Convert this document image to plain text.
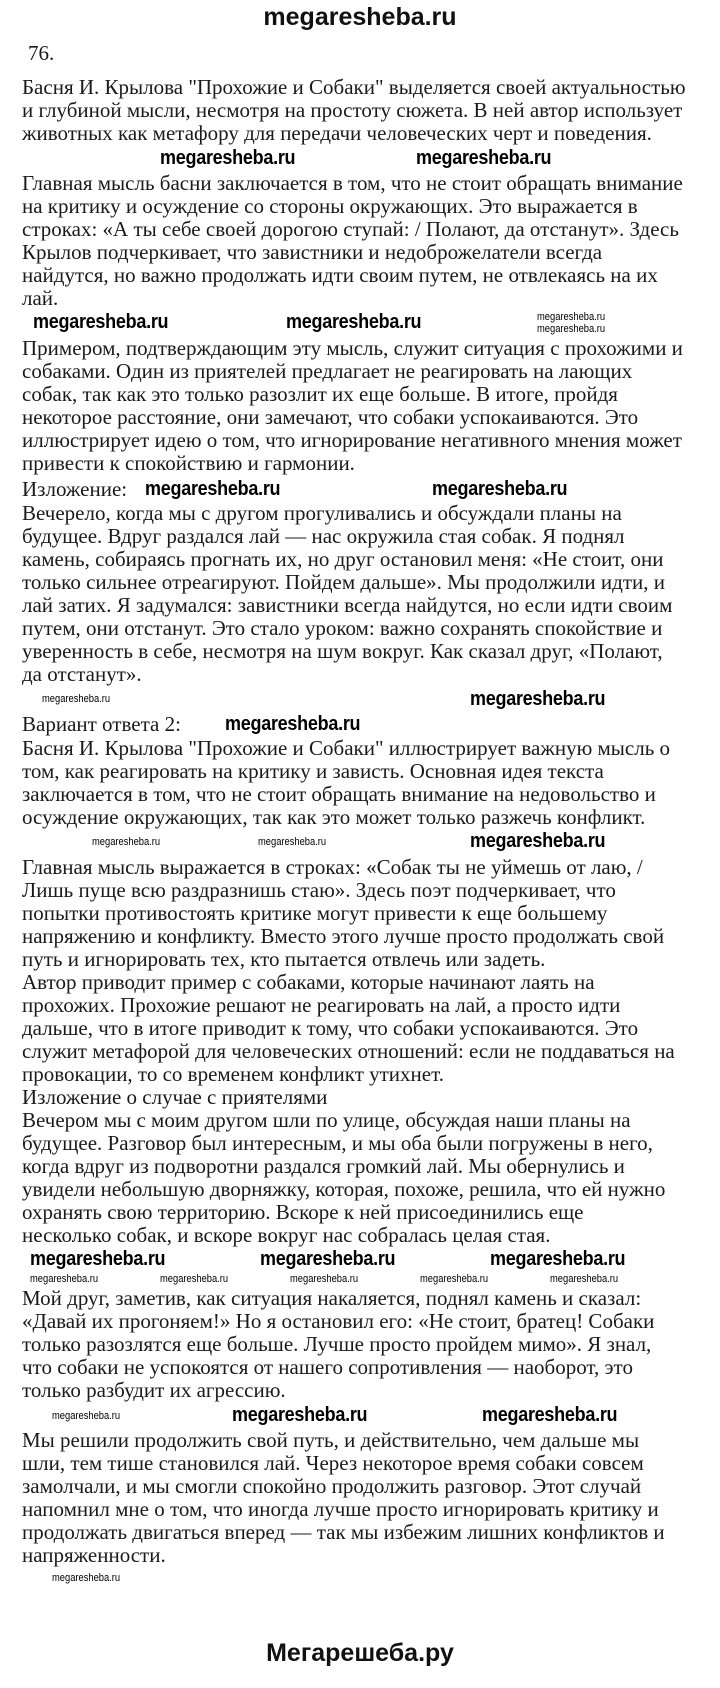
megaresheba.ru
76.
Басня И. Крылова "Прохожие и Собаки" выделяется своей актуальностью
и глубиной мысли, несмотря на простоту сюжета. В ней автор использует
животных как метафору для передачи человеческих черт и поведения.
megaresheba.ru	megaresheba.ru
Главная мысль басни заключается в том, что не стоит обращать внимание
на критику и осуждение со стороны окружающих. Это выражается в
строках: «А ты себе своей дорогою ступай: / Полают, да отстанут». Здесь
Крылов подчеркивает, что завистники и недоброжелатели всегда
найдутся, но важно продолжать идти своим путем, не отвлекаясь на их
лай.
megaresheba.ru	megaresheba.ru	megaresheba.ru
megaresheba.ru
Примером, подтверждающим эту мысль, служит ситуация с прохожими и
собаками. Один из приятелей предлагает не реагировать на лающих
собак, так как это только разозлит их еще больше. В итоге, пройдя
некоторое расстояние, они замечают, что собаки успокаиваются. Это
иллюстрирует идею о том, что игнорирование негативного мнения может
привести к спокойствию и гармонии.
Изложение: megaresheba.ru	megaresheba.ru
Вечерело, когда мы с другом прогуливались и обсуждали планы на
будущее. Вдруг раздался лай — нас окружила стая собак. Я поднял
камень, собираясь прогнать их, но друг остановил меня: «Не стоит, они
только сильнее отреагируют. Пойдем дальше». Мы продолжили идти, и
лай затих. Я задумался: завистники всегда найдутся, но если идти своим
путем, они отстанут. Это стало уроком: важно сохранять спокойствие и
уверенность в себе, несмотря на шум вокруг. Как сказал друг, «Полают,
да отстанут».
megaresheba.ru	megaresheba.ru
Вариант ответа 2: megaresheba.ru
Басня И. Крылова "Прохожие и Собаки" иллюстрирует важную мысль о
том, как реагировать на критику и зависть. Основная идея текста
заключается в том, что не стоит обращать внимание на недовольство и
осуждение окружающих, так как это может только разжечь конфликт.
megaresheba.ru	megaresheba.ru	megaresheba.ru
Главная мысль выражается в строках: «Собак ты не уймешь от лаю, /
Лишь пуще всю раздразнишь стаю». Здесь поэт подчеркивает, что
попытки противостоять критике могут привести к еще большему
напряжению и конфликту. Вместо этого лучше просто продолжать свой
путь и игнорировать тех, кто пытается отвлечь или задеть.
Автор приводит пример с собаками, которые начинают лаять на
прохожих. Прохожие решают не реагировать на лай, а просто идти
дальше, что в итоге приводит к тому, что собаки успокаиваются. Это
служит метафорой для человеческих отношений: если не поддаваться на
провокации, то со временем конфликт утихнет.
Изложение о случае с приятелями
Вечером мы с моим другом шли по улице, обсуждая наши планы на
будущее. Разговор был интересным, и мы оба были погружены в него,
когда вдруг из подворотни раздался громкий лай. Мы обернулись и
увидели небольшую дворняжку, которая, похоже, решила, что ей нужно
охранять свою территорию. Вскоре к ней присоединились еще
несколько собак, и вскоре вокруг нас собралась целая стая.
megaresheba.ru	megaresheba.ru	megaresheba.ru
megaresheba.ru	megaresheba.ru	megaresheba.ru	megaresheba.ru	megaresheba.ru
Мой друг, заметив, как ситуация накаляется, поднял камень и сказал:
«Давай их прогоняем!» Но я остановил его: «Не стоит, братец! Собаки
только разозлятся еще больше. Лучше просто пройдем мимо». Я знал,
что собаки не успокоятся от нашего сопротивления — наоборот, это
только разбудит их агрессию.
megaresheba.ru	megaresheba.ru	megaresheba.ru
Мы решили продолжить свой путь, и действительно, чем дальше мы
шли, тем тише становился лай. Через некоторое время собаки совсем
замолчали, и мы смогли спокойно продолжить разговор. Этот случай
напомнил мне о том, что иногда лучше просто игнорировать критику и
продолжать двигаться вперед — так мы избежим лишних конфликтов и
напряженности.
megaresheba.ru
Мегарешеба.ру
